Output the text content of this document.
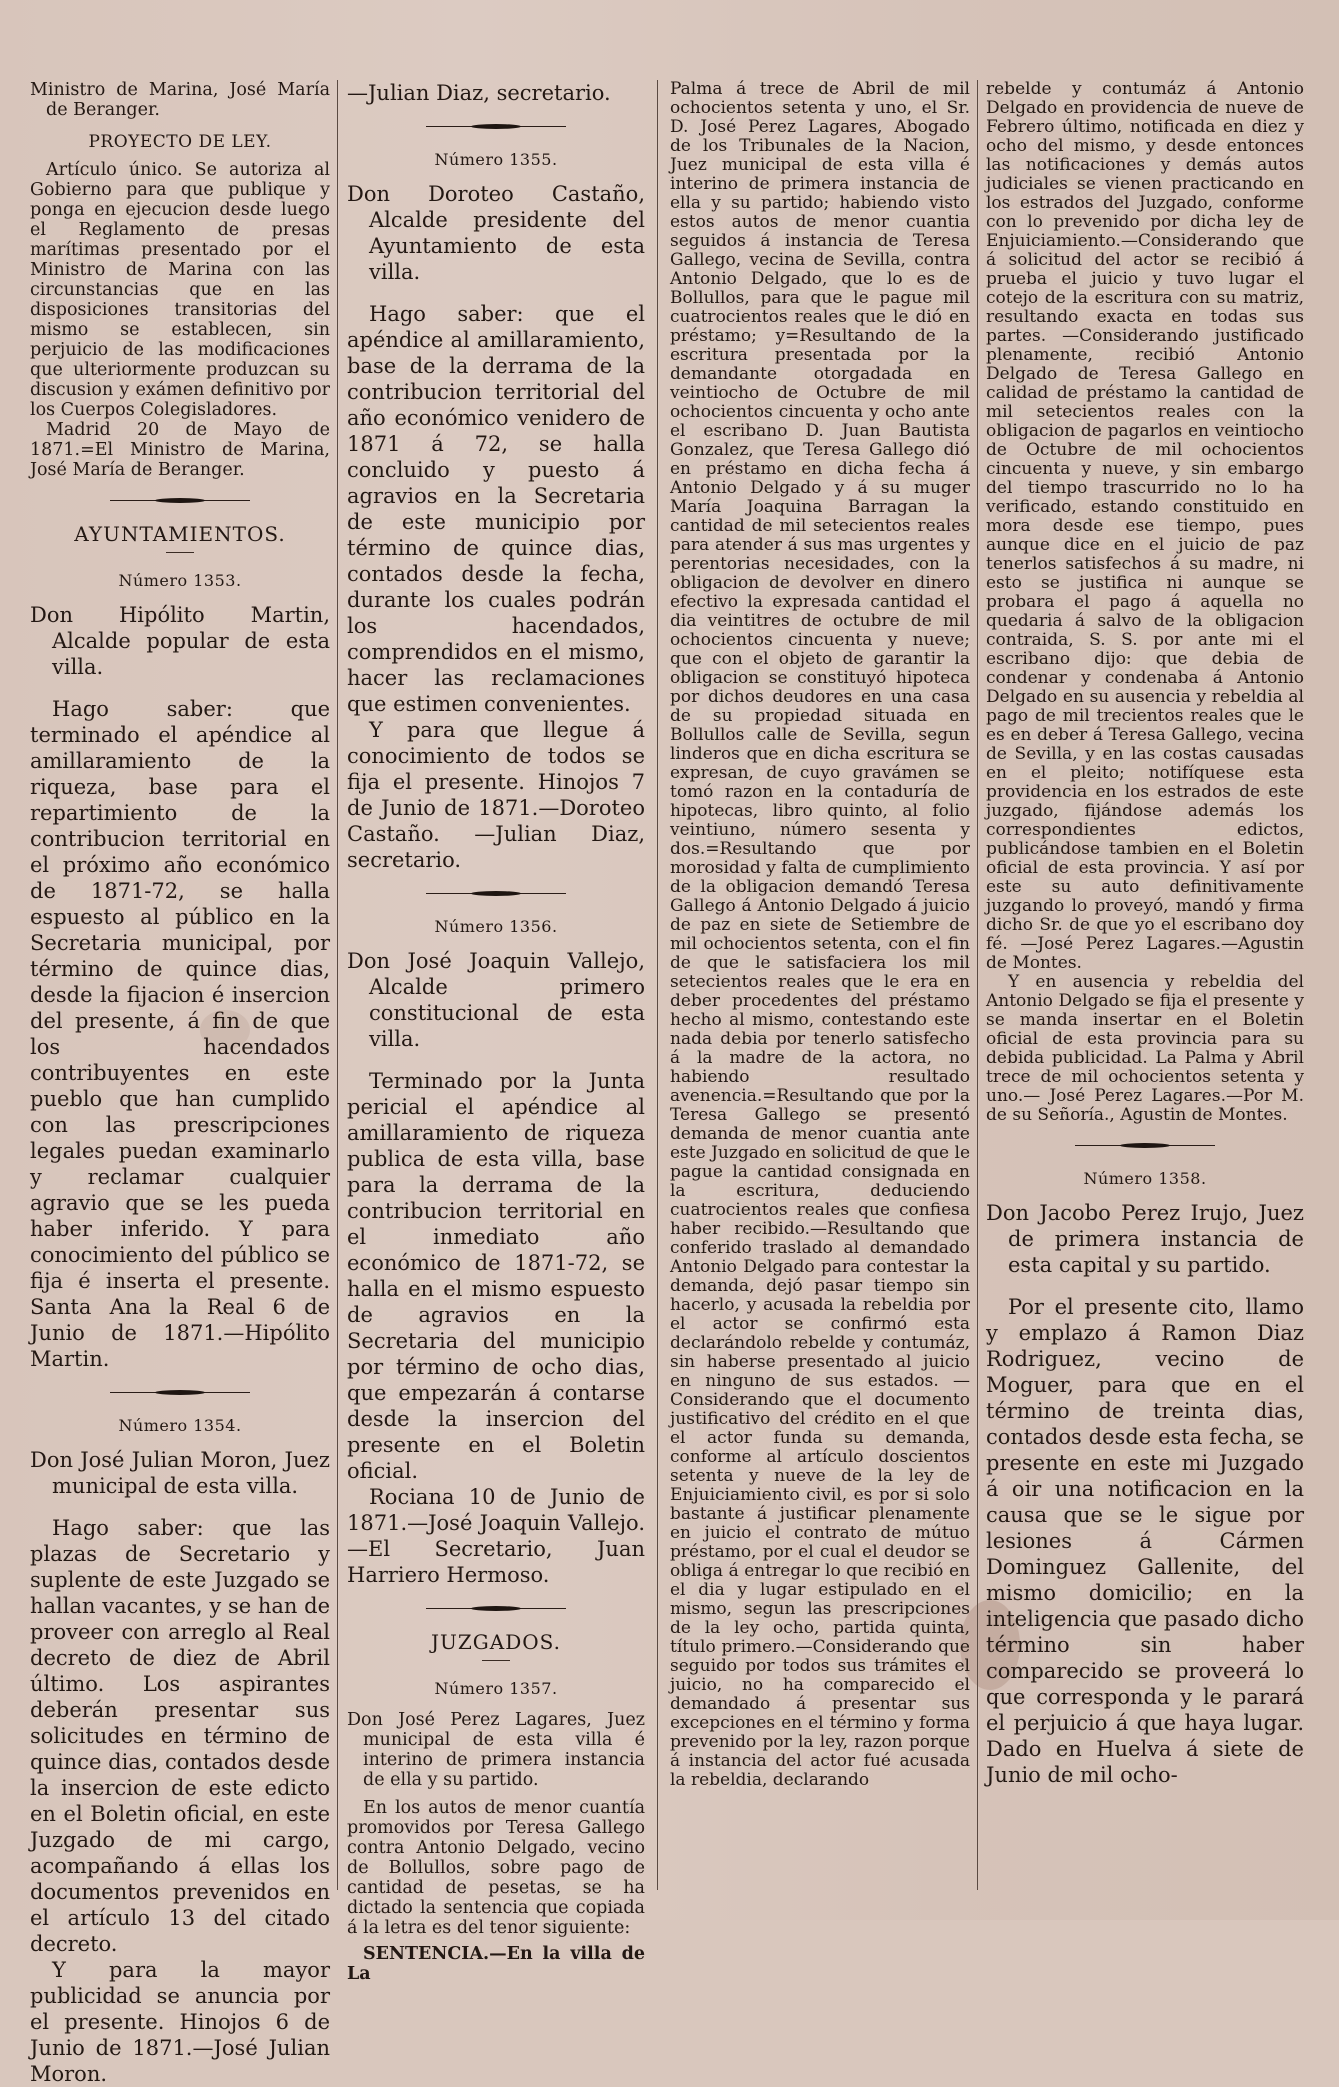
Ministro de Marina, José María de Beranger.

PROYECTO DE LEY.

Artículo único. Se autoriza al Gobierno para que publique y ponga en ejecucion desde luego el Reglamento de presas marítimas presentado por el Ministro de Marina con las circunstancias que en las disposiciones transitorias del mismo se establecen, sin perjuicio de las modificaciones que ulteriormente produzcan su discusion y exámen definitivo por los Cuerpos Colegisladores.

Madrid 20 de Mayo de 1871.=El Ministro de Marina, José María de Beranger.

AYUNTAMIENTOS.

Número 1353.

Don Hipólito Martin, Alcalde popular de esta villa.

Hago saber: que terminado el apéndice al amillaramiento de la riqueza, base para el repartimiento de la contribucion territorial en el próximo año económico de 1871-72, se halla espuesto al público en la Secretaria municipal, por término de quince dias, desde la fijacion é insercion del presente, á fin de que los hacendados contribuyentes en este pueblo que han cumplido con las prescripciones legales puedan examinarlo y reclamar cualquier agravio que se les pueda haber inferido. Y para conocimiento del público se fija é inserta el presente. Santa Ana la Real 6 de Junio de 1871.—Hipólito Martin.

Número 1354.

Don José Julian Moron, Juez municipal de esta villa.

Hago saber: que las plazas de Secretario y suplente de este Juzgado se hallan vacantes, y se han de proveer con arreglo al Real decreto de diez de Abril último. Los aspirantes deberán presentar sus solicitudes en término de quince dias, contados desde la insercion de este edicto en el Boletin oficial, en este Juzgado de mi cargo, acompañando á ellas los documentos prevenidos en el artículo 13 del citado decreto.

Y para la mayor publicidad se anuncia por el presente. Hinojos 6 de Junio de 1871.—José Julian Moron.

—Julian Diaz, secretario.

Número 1355.

Don Doroteo Castaño, Alcalde presidente del Ayuntamiento de esta villa.

Hago saber: que el apéndice al amillaramiento, base de la derrama de la contribucion territorial del año económico venidero de 1871 á 72, se halla concluido y puesto á agravios en la Secretaria de este municipio por término de quince dias, contados desde la fecha, durante los cuales podrán los hacendados, comprendidos en el mismo, hacer las reclamaciones que estimen convenientes.

Y para que llegue á conocimiento de todos se fija el presente. Hinojos 7 de Junio de 1871.—Doroteo Castaño. —Julian Diaz, secretario.

Número 1356.

Don José Joaquin Vallejo, Alcalde primero constitucional de esta villa.

Terminado por la Junta pericial el apéndice al amillaramiento de riqueza publica de esta villa, base para la derrama de la contribucion territorial en el inmediato año económico de 1871-72, se halla en el mismo espuesto de agravios en la Secretaria del municipio por término de ocho dias, que empezarán á contarse desde la insercion del presente en el Boletin oficial.

Rociana 10 de Junio de 1871.—José Joaquin Vallejo. —El Secretario, Juan Harriero Hermoso.

JUZGADOS.

Número 1357.

Don José Perez Lagares, Juez municipal de esta villa é interino de primera instancia de ella y su partido.

En los autos de menor cuantía promovidos por Teresa Gallego contra Antonio Delgado, vecino de Bollullos, sobre pago de cantidad de pesetas, se ha dictado la sentencia que copiada á la letra es del tenor siguiente:

SENTENCIA.—En la villa de La

Palma á trece de Abril de mil ochocientos setenta y uno, el Sr. D. José Perez Lagares, Abogado de los Tribunales de la Nacion, Juez municipal de esta villa é interino de primera instancia de ella y su partido; habiendo visto estos autos de menor cuantia seguidos á instancia de Teresa Gallego, vecina de Sevilla, contra Antonio Delgado, que lo es de Bollullos, para que le pague mil cuatrocientos reales que le dió en préstamo; y=Resultando de la escritura presentada por la demandante otorgadada en veintiocho de Octubre de mil ochocientos cincuenta y ocho ante el escribano D. Juan Bautista Gonzalez, que Teresa Gallego dió en préstamo en dicha fecha á Antonio Delgado y á su muger María Joaquina Barragan la cantidad de mil setecientos reales para atender á sus mas urgentes y perentorias necesidades, con la obligacion de devolver en dinero efectivo la expresada cantidad el dia veintitres de octubre de mil ochocientos cincuenta y nueve; que con el objeto de garantir la obligacion se constituyó hipoteca por dichos deudores en una casa de su propiedad situada en Bollullos calle de Sevilla, segun linderos que en dicha escritura se expresan, de cuyo gravámen se tomó razon en la contaduría de hipotecas, libro quinto, al folio veintiuno, número sesenta y dos.=Resultando que por morosidad y falta de cumplimiento de la obligacion demandó Teresa Gallego á Antonio Delgado á juicio de paz en siete de Setiembre de mil ochocientos setenta, con el fin de que le satisfaciera los mil setecientos reales que le era en deber procedentes del préstamo hecho al mismo, contestando este nada debia por tenerlo satisfecho á la madre de la actora, no habiendo resultado avenencia.=Resultando que por la Teresa Gallego se presentó demanda de menor cuantia ante este Juzgado en solicitud de que le pague la cantidad consignada en la escritura, deduciendo cuatrocientos reales que confiesa haber recibido.—Resultando que conferido traslado al demandado Antonio Delgado para contestar la demanda, dejó pasar tiempo sin hacerlo, y acusada la rebeldia por el actor se confirmó esta declarándolo rebelde y contumáz, sin haberse presentado al juicio en ninguno de sus estados. —Considerando que el documento justificativo del crédito en el que el actor funda su demanda, conforme al artículo doscientos setenta y nueve de la ley de Enjuiciamiento civil, es por si solo bastante á justificar plenamente en juicio el contrato de mútuo préstamo, por el cual el deudor se obliga á entregar lo que recibió en el dia y lugar estipulado en el mismo, segun las prescripciones de la ley ocho, partida quinta, título primero.—Considerando que seguido por todos sus trámites el juicio, no ha comparecido el demandado á presentar sus excepciones en el término y forma prevenido por la ley, razon porque á instancia del actor fué acusada la rebeldia, declarando

rebelde y contumáz á Antonio Delgado en providencia de nueve de Febrero último, notificada en diez y ocho del mismo, y desde entonces las notificaciones y demás autos judiciales se vienen practicando en los estrados del Juzgado, conforme con lo prevenido por dicha ley de Enjuiciamiento.—Considerando que á solicitud del actor se recibió á prueba el juicio y tuvo lugar el cotejo de la escritura con su matriz, resultando exacta en todas sus partes. —Considerando justificado plenamente, recibió Antonio Delgado de Teresa Gallego en calidad de préstamo la cantidad de mil setecientos reales con la obligacion de pagarlos en veintiocho de Octubre de mil ochocientos cincuenta y nueve, y sin embargo del tiempo trascurrido no lo ha verificado, estando constituido en mora desde ese tiempo, pues aunque dice en el juicio de paz tenerlos satisfechos á su madre, ni esto se justifica ni aunque se probara el pago á aquella no quedaria á salvo de la obligacion contraida, S. S. por ante mi el escribano dijo: que debia de condenar y condenaba á Antonio Delgado en su ausencia y rebeldia al pago de mil trecientos reales que le es en deber á Teresa Gallego, vecina de Sevilla, y en las costas causadas en el pleito; notifíquese esta providencia en los estrados de este juzgado, fijándose además los correspondientes edictos, publicándose tambien en el Boletin oficial de esta provincia. Y así por este su auto definitivamente juzgando lo proveyó, mandó y firma dicho Sr. de que yo el escribano doy fé. —José Perez Lagares.—Agustin de Montes.

Y en ausencia y rebeldia del Antonio Delgado se fija el presente y se manda insertar en el Boletin oficial de esta provincia para su debida publicidad. La Palma y Abril trece de mil ochocientos setenta y uno.— José Perez Lagares.—Por M. de su Señoría., Agustin de Montes.

Número 1358.

Don Jacobo Perez Irujo, Juez de primera instancia de esta capital y su partido.

Por el presente cito, llamo y emplazo á Ramon Diaz Rodriguez, vecino de Moguer, para que en el término de treinta dias, contados desde esta fecha, se presente en este mi Juzgado á oir una notificacion en la causa que se le sigue por lesiones á Cármen Dominguez Gallenite, del mismo domicilio; en la inteligencia que pasado dicho término sin haber comparecido se proveerá lo que corresponda y le parará el perjuicio á que haya lugar. Dado en Huelva á siete de Junio de mil ocho-
